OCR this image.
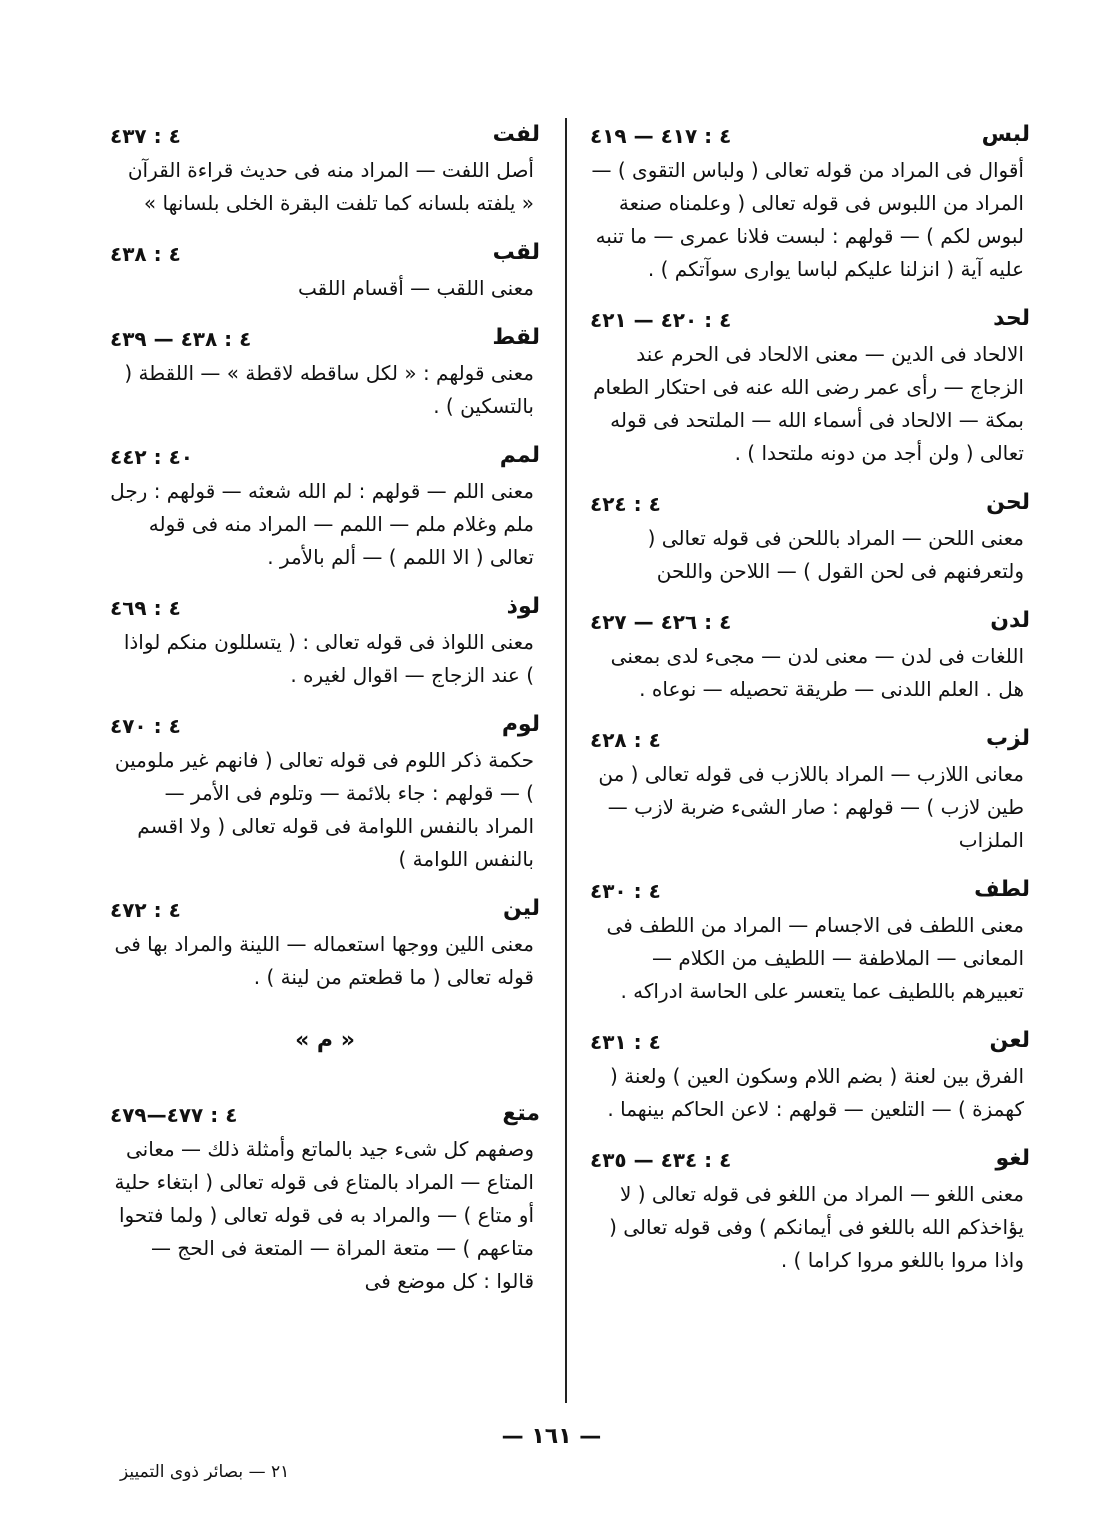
لبس
٤ : ٤١٧ — ٤١٩
أقوال فى المراد من قوله تعالى ( ولباس التقوى ) — المراد من اللبوس فى قوله تعالى ( وعلمناه صنعة لبوس لكم ) — قولهم : لبست فلانا عمرى — ما تنبه عليه آية ( انزلنا عليكم لباسا يوارى سوآتكم ) .
لحد
٤ : ٤٢٠ — ٤٢١
الالحاد فى الدين — معنى الالحاد فى الحرم عند الزجاج — رأى عمر رضى الله عنه فى احتكار الطعام بمكة — الالحاد فى أسماء الله — الملتحد فى قوله تعالى ( ولن أجد من دونه ملتحدا ) .
لحن
٤ : ٤٢٤
معنى اللحن — المراد باللحن فى قوله تعالى ( ولتعرفنهم فى لحن القول ) — اللاحن واللحن
لدن
٤ : ٤٢٦ — ٤٢٧
اللغات فى لدن — معنى لدن — مجىء لدى بمعنى هل . العلم اللدنى — طريقة تحصيله — نوعاه .
لزب
٤ : ٤٢٨
معانى اللازب — المراد باللازب فى قوله تعالى ( من طين لازب ) — قولهم : صار الشىء ضربة لازب — الملزاب
لطف
٤ : ٤٣٠
معنى اللطف فى الاجسام — المراد من اللطف فى المعانى — الملاطفة — اللطيف من الكلام — تعبيرهم باللطيف عما يتعسر على الحاسة ادراكه .
لعن
٤ : ٤٣١
الفرق بين لعنة ( بضم اللام وسكون العين ) ولعنة ( كهمزة ) — التلعين — قولهم : لاعن الحاكم بينهما .
لغو
٤ : ٤٣٤ — ٤٣٥
معنى اللغو — المراد من اللغو فى قوله تعالى ( لا يؤاخذكم الله باللغو فى أيمانكم ) وفى قوله تعالى ( واذا مروا باللغو مروا كراما ) .
لفت
٤ : ٤٣٧
أصل اللفت — المراد منه فى حديث قراءة القرآن « يلفته بلسانه كما تلفت البقرة الخلى بلسانها »
لقب
٤ : ٤٣٨
معنى اللقب — أقسام اللقب
لقط
٤ : ٤٣٨ — ٤٣٩
معنى قولهم : « لكل ساقطه لاقطة » — اللقطة ( بالتسكين ) .
لمم
٤٠ : ٤٤٢
معنى اللم — قولهم : لم الله شعثه — قولهم : رجل ملم وغلام ملم — اللمم — المراد منه فى قوله تعالى ( الا اللمم ) — ألم بالأمر .
لوذ
٤ : ٤٦٩
معنى اللواذ فى قوله تعالى : ( يتسللون منكم لواذا ) عند الزجاج — اقوال لغيره .
لوم
٤ : ٤٧٠
حكمة ذكر اللوم فى قوله تعالى ( فانهم غير ملومين ) — قولهم : جاء بلائمة — وتلوم فى الأمر — المراد بالنفس اللوامة فى قوله تعالى ( ولا اقسم بالنفس اللوامة )
لين
٤ : ٤٧٢
معنى اللين ووجها استعماله — اللينة والمراد بها فى قوله تعالى ( ما قطعتم من لينة ) .
« م »
متع
٤ : ٤٧٧—٤٧٩
وصفهم كل شىء جيد بالماتع وأمثلة ذلك — معانى المتاع — المراد بالمتاع فى قوله تعالى ( ابتغاء حلية أو متاع ) — والمراد به فى قوله تعالى ( ولما فتحوا متاعهم ) — متعة المراة — المتعة فى الحج — قالوا : كل موضع فى
— ١٦١ —
٢١ — بصائر ذوى التمييز
